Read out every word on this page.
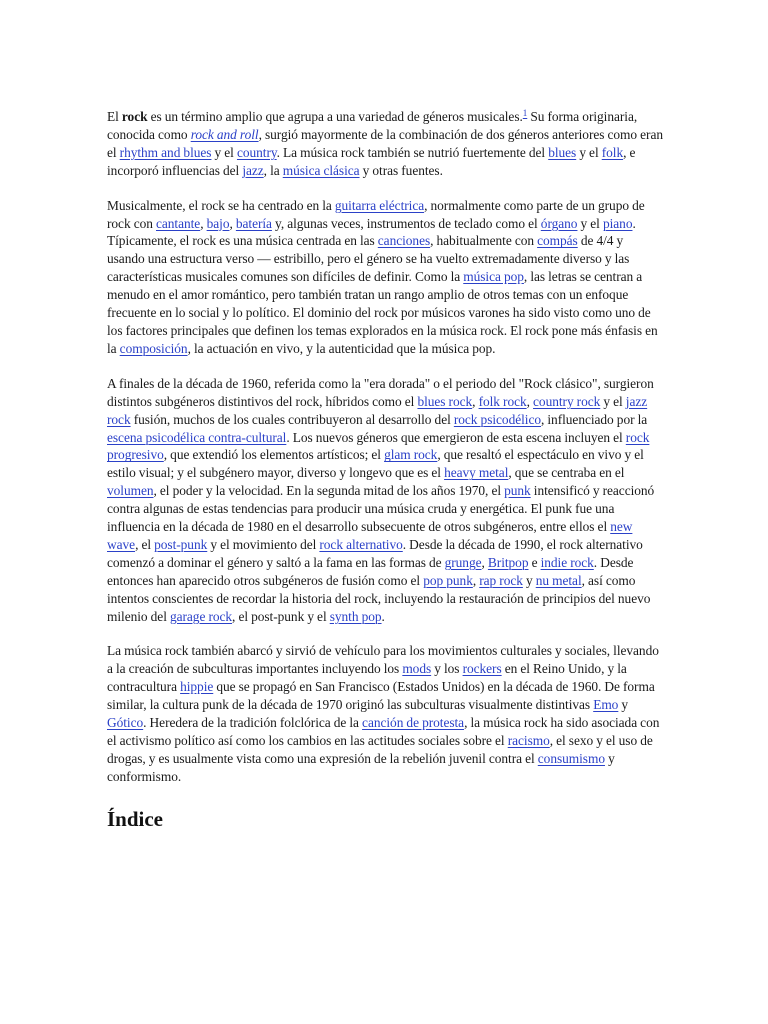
El rock es un término amplio que agrupa a una variedad de géneros musicales.$^1$ Su forma originaria, conocida como rock and roll, surgió mayormente de la combinación de dos géneros anteriores como eran el rhythm and blues y el country. La música rock también se nutrió fuertemente del blues y el folk, e incorporó influencias del jazz, la música clásica y otras fuentes.

Musicalmente, el rock se ha centrado en la guitarra eléctrica, normalmente como parte de un grupo de rock con cantante, bajo, batería y, algunas veces, instrumentos de teclado como el órgano y el piano. Típicamente, el rock es una música centrada en las canciones, habitualmente con compás de 4/4 y usando una estructura verso — estribillo, pero el género se ha vuelto extremadamente diverso y las características musicales comunes son difíciles de definir. Como la música pop, las letras se centran a menudo en el amor romántico, pero también tratan un rango amplio de otros temas con un enfoque frecuente en lo social y lo político. El dominio del rock por músicos varones ha sido visto como uno de los factores principales que definen los temas explorados en la música rock. El rock pone más énfasis en la composición, la actuación en vivo, y la autenticidad que la música pop.

A finales de la década de 1960, referida como la "era dorada" o el periodo del "Rock clásico", surgieron distintos subgéneros distintivos del rock, híbridos como el blues rock, folk rock, country rock y el jazz rock fusión, muchos de los cuales contribuyeron al desarrollo del rock psicodélico, influenciado por la escena psicodélica contra-cultural. Los nuevos géneros que emergieron de esta escena incluyen el rock progresivo, que extendió los elementos artísticos; el glam rock, que resaltó el espectáculo en vivo y el estilo visual; y el subgénero mayor, diverso y longevo que es el heavy metal, que se centraba en el volumen, el poder y la velocidad. En la segunda mitad de los años 1970, el punk intensificó y reaccionó contra algunas de estas tendencias para producir una música cruda y energética. El punk fue una influencia en la década de 1980 en el desarrollo subsecuente de otros subgéneros, entre ellos el new wave, el post-punk y el movimiento del rock alternativo. Desde la década de 1990, el rock alternativo comenzó a dominar el género y saltó a la fama en las formas de grunge, Britpop e indie rock. Desde entonces han aparecido otros subgéneros de fusión como el pop punk, rap rock y nu metal, así como intentos conscientes de recordar la historia del rock, incluyendo la restauración de principios del nuevo milenio del garage rock, el post-punk y el synth pop.

La música rock también abarcó y sirvió de vehículo para los movimientos culturales y sociales, llevando a la creación de subculturas importantes incluyendo los mods y los rockers en el Reino Unido, y la contracultura hippie que se propagó en San Francisco (Estados Unidos) en la década de 1960. De forma similar, la cultura punk de la década de 1970 originó las subculturas visualmente distintivas Emo y Gótico. Heredera de la tradición folclórica de la canción de protesta, la música rock ha sido asociada con el activismo político así como los cambios en las actitudes sociales sobre el racismo, el sexo y el uso de drogas, y es usualmente vista como una expresión de la rebelión juvenil contra el consumismo y conformismo.

Índice
